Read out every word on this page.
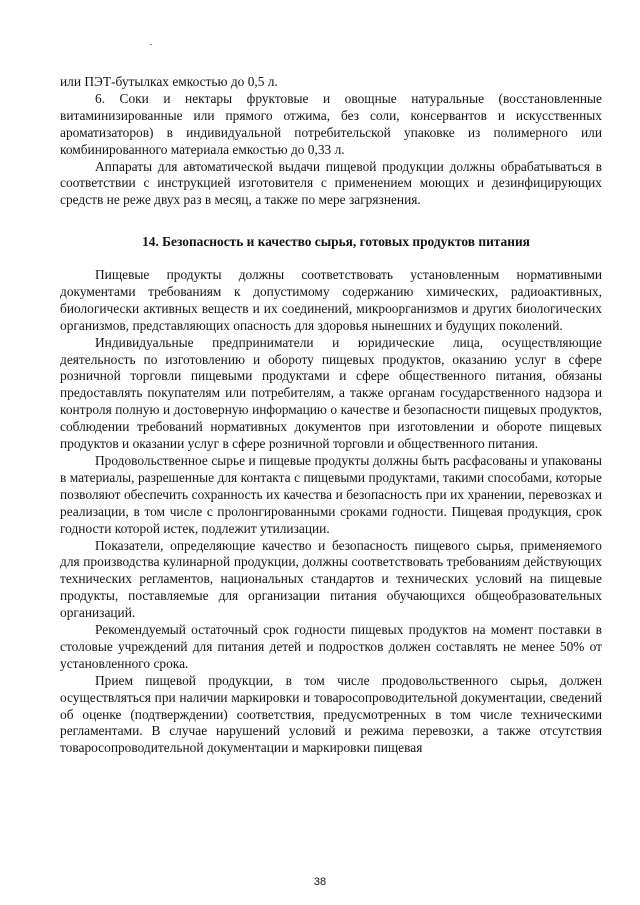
или ПЭТ-бутылках емкостью до 0,5 л.

6. Соки и нектары фруктовые и овощные натуральные (восстановленные витаминизированные или прямого отжима, без соли, консервантов и искусственных ароматизаторов) в индивидуальной потребительской упаковке из полимерного или комбинированного материала емкостью до 0,33 л.

Аппараты для автоматической выдачи пищевой продукции должны обрабатываться в соответствии с инструкцией изготовителя с применением моющих и дезинфицирующих средств не реже двух раз в месяц, а также по мере загрязнения.

14. Безопасность и качество сырья, готовых продуктов питания

Пищевые продукты должны соответствовать установленным нормативными документами требованиям к допустимому содержанию химических, радиоактивных, биологически активных веществ и их соединений, микроорганизмов и других биологических организмов, представляющих опасность для здоровья нынешних и будущих поколений.

Индивидуальные предприниматели и юридические лица, осуществляющие деятельность по изготовлению и обороту пищевых продуктов, оказанию услуг в сфере розничной торговли пищевыми продуктами и сфере общественного питания, обязаны предоставлять покупателям или потребителям, а также органам государственного надзора и контроля полную и достоверную информацию о качестве и безопасности пищевых продуктов, соблюдении требований нормативных документов при изготовлении и обороте пищевых продуктов и оказании услуг в сфере розничной торговли и общественного питания.

Продовольственное сырье и пищевые продукты должны быть расфасованы и упакованы в материалы, разрешенные для контакта с пищевыми продуктами, такими способами, которые позволяют обеспечить сохранность их качества и безопасность при их хранении, перевозках и реализации, в том числе с пролонгированными сроками годности. Пищевая продукция, срок годности которой истек, подлежит утилизации.

Показатели, определяющие качество и безопасность пищевого сырья, применяемого для производства кулинарной продукции, должны соответствовать требованиям действующих технических регламентов, национальных стандартов и технических условий на пищевые продукты, поставляемые для организации питания обучающихся общеобразовательных организаций.

Рекомендуемый остаточный срок годности пищевых продуктов на момент поставки в столовые учреждений для питания детей и подростков должен составлять не менее 50% от установленного срока.

Прием пищевой продукции, в том числе продовольственного сырья, должен осуществляться при наличии маркировки и товаросопроводительной документации, сведений об оценке (подтверждении) соответствия, предусмотренных в том числе техническими регламентами. В случае нарушений условий и режима перевозки, а также отсутствия товаросопроводительной документации и маркировки пищевая

38
